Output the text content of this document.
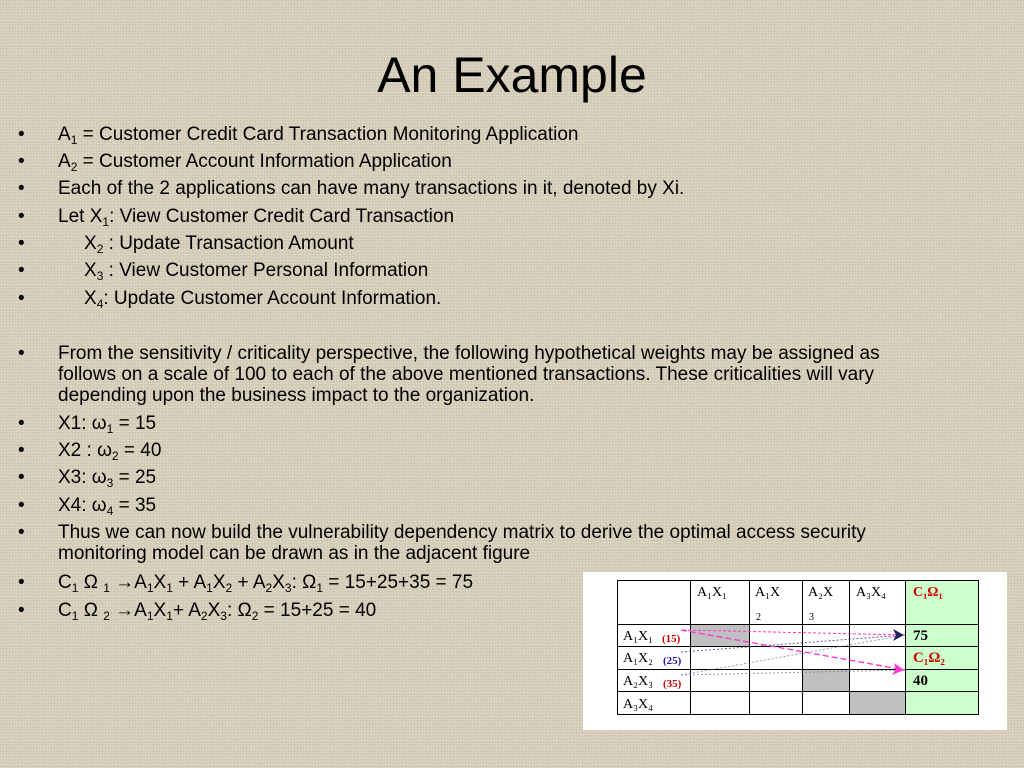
An Example
• $A_1$ = Customer Credit Card Transaction Monitoring Application
• $A_2$ = Customer Account Information Application
• Each of the 2 applications can have many transactions in it, denoted by Xi.
• Let $X_1$: View Customer Credit Card Transaction
• $X_2$ : Update Transaction Amount
• $X_3$ : View Customer Personal Information
• $X_4$: Update Customer Account Information.
• From the sensitivity / criticality perspective, the following hypothetical weights may be assigned as follows on a scale of 100 to each of the above mentioned transactions. These criticalities will vary depending upon the business impact to the organization.
• X1: $\omega_1 = 15$
• X2 : $\omega_2 = 40$
• X3: $\omega_3 = 25$
• X4: $\omega_4 = 35$
• Thus we can now build the vulnerability dependency matrix to derive the optimal access security monitoring model can be drawn as in the adjacent figure
• $C_1$ Ω $_1 \to A_1X_1 + A_1X_2 + A_2X_3$: $\Omega_1 = 15+25+35 = 75$
• $C_1$ Ω $_2 \to A_1X_1+ A_2X_3$: $\Omega_2 = 15+25 = 40$
A₁X₁ A₁X
2
A₂X
3
A₃X₄ C₁Ω₁
A₁X₁
A₁X₂
A₂X₃
A₃X₄
(15)
(25)
(35)
75
C₁Ω₂
40
